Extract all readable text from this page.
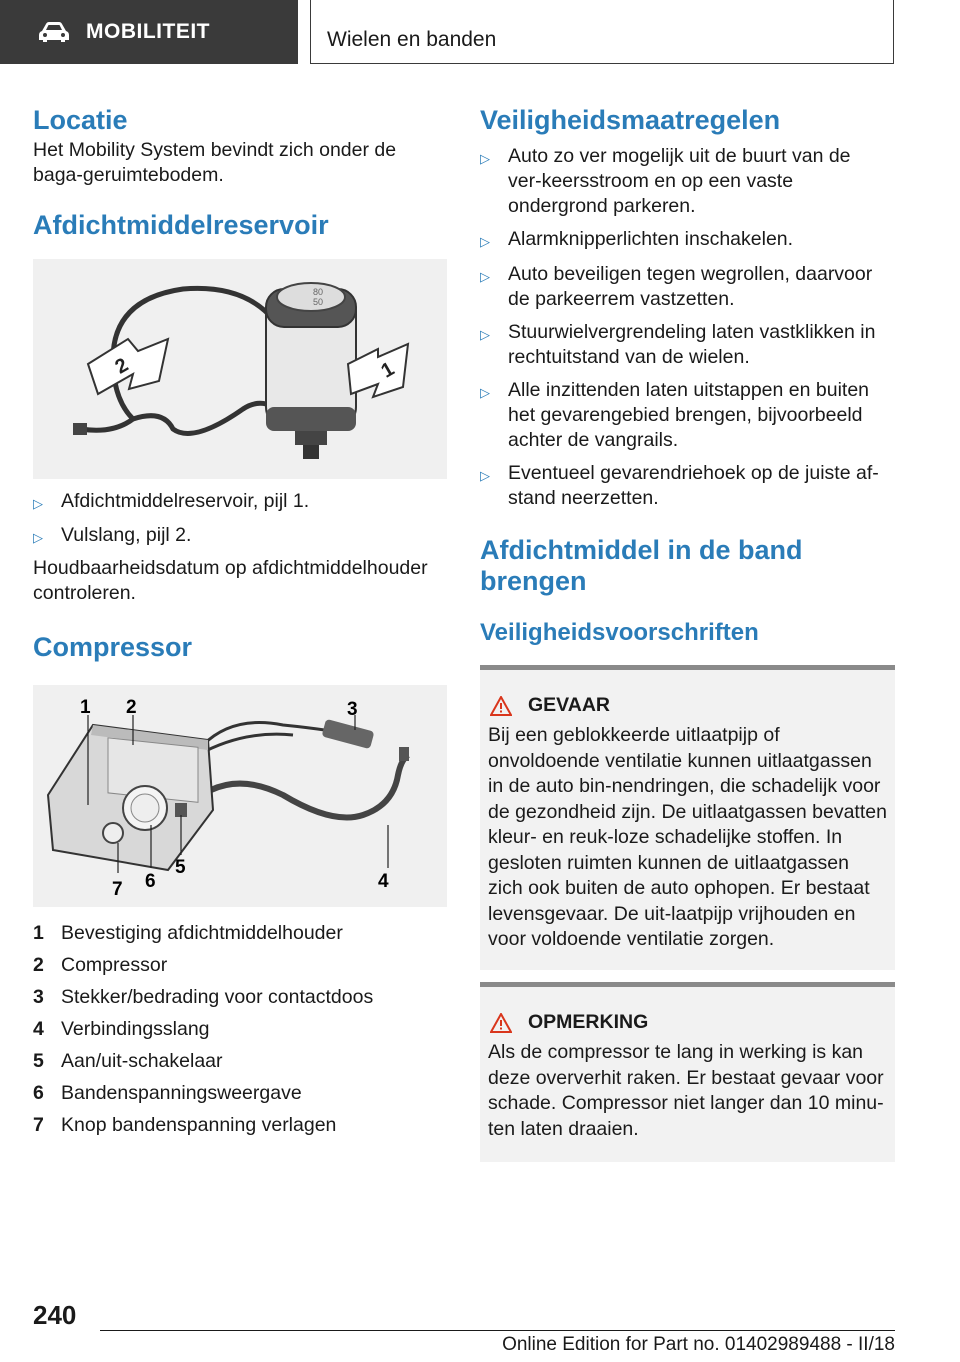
MOBILITEIT	Wielen en banden
Locatie

Het Mobility System bevindt zich onder de baga-geruimtebodem.

Afdichtmiddelreservoir
80
50
2	1
▷ Afdichtmiddelreservoir, pijl 1.
▷ Vulslang, pijl 2.

Houdbaarheidsdatum op afdichtmiddelhouder controleren.

Compressor
1 2	3
4
5
6
7
1 Bevestiging afdichtmiddelhouder
2 Compressor
3 Stekker/bedrading voor contactdoos
4 Verbindingsslang
5 Aan/uit-schakelaar
6 Bandenspanningsweergave
7 Knop bandenspanning verlagen
Veiligheidsmaatregelen
▷ Auto zo ver mogelijk uit de buurt van de ver-keersstroom en op een vaste ondergrond parkeren.
▷ Alarmknipperlichten inschakelen.
▷ Auto beveiligen tegen wegrollen, daarvoor de parkeerrem vastzetten.
▷ Stuurwielvergrendeling laten vastklikken in rechtuitstand van de wielen.
▷ Alle inzittenden laten uitstappen en buiten het gevarengebied brengen, bijvoorbeeld achter de vangrails.
▷ Eventueel gevarendriehoek op de juiste af-stand neerzetten.
Afdichtmiddel in de band brengen
Veiligheidsvoorschriften
GEVAAR

Bij een geblokkeerde uitlaatpijp of onvoldoende ventilatie kunnen uitlaatgassen in de auto bin-nendringen, die schadelijk voor de gezondheid zijn. De uitlaatgassen bevatten kleur- en reuk-loze schadelijke stoffen. In gesloten ruimten kunnen de uitlaatgassen zich ook buiten de auto ophopen. Er bestaat levensgevaar. De uit-laatpijp vrijhouden en voor voldoende ventilatie zorgen.

OPMERKING

Als de compressor te lang in werking is kan deze oververhit raken. Er bestaat gevaar voor schade. Compressor niet langer dan 10 minu-ten laten draaien.

240
Online Edition for Part no. 01402989488 - II/18
